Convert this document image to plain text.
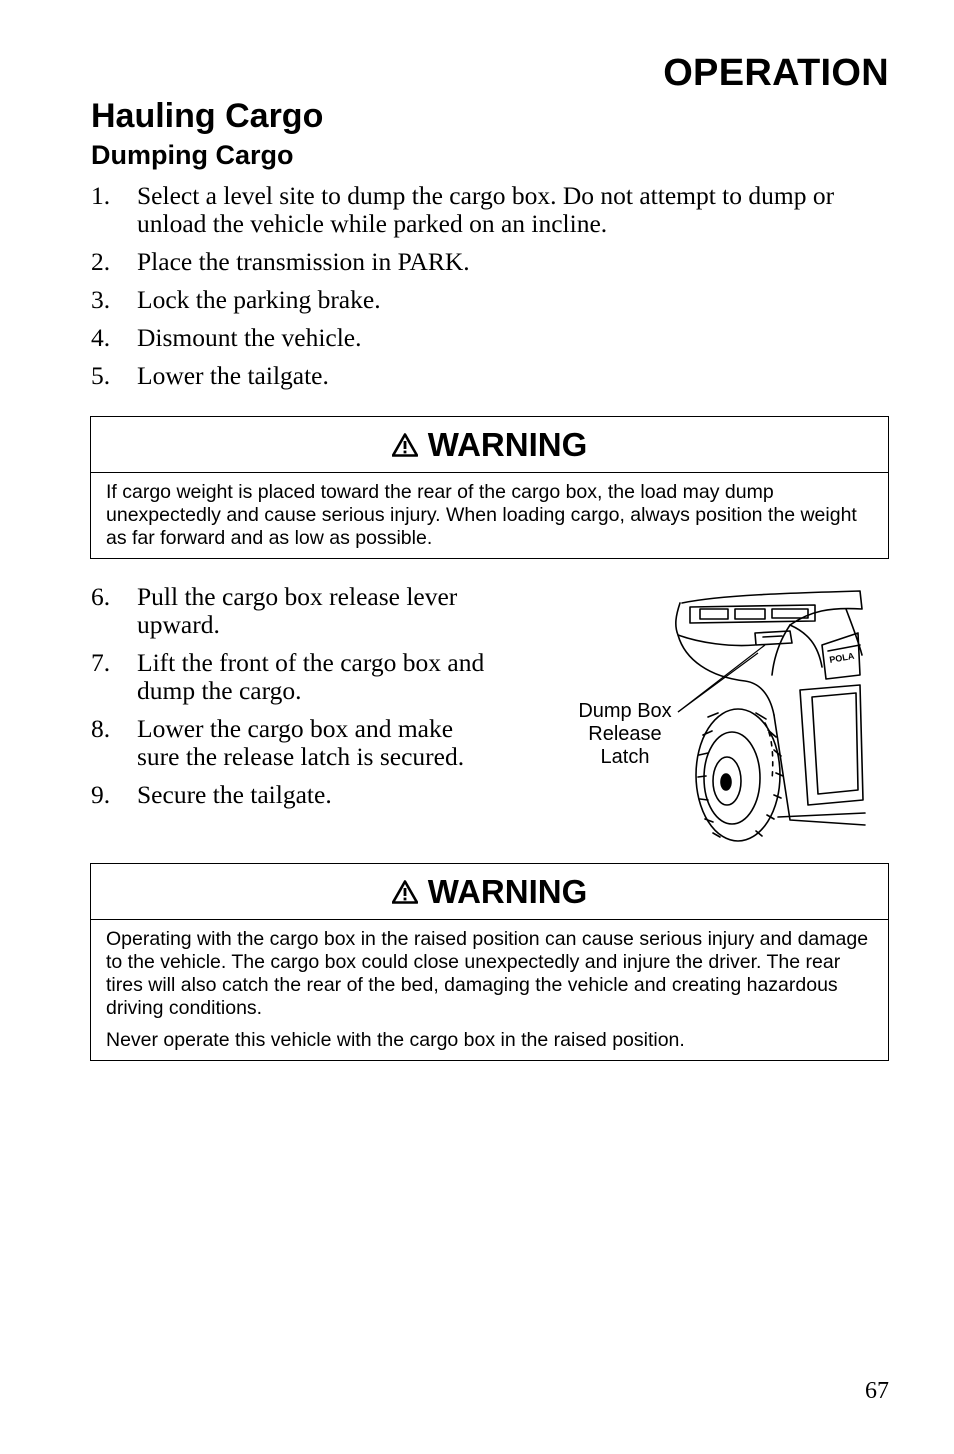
OPERATION
Hauling Cargo
Dumping Cargo
1. Select a level site to dump the cargo box. Do not attempt to dump or unload the vehicle while parked on an incline.
2. Place the transmission in PARK.
3. Lock the parking brake.
4. Dismount the vehicle.
5. Lower the tailgate.
WARNING

If cargo weight is placed toward the rear of the cargo box, the load may dump unexpectedly and cause serious injury. When loading cargo, always position the weight as far forward and as low as possible.

6. Pull the cargo box release lever upward.
7. Lift the front of the cargo box and dump the cargo.
8. Lower the cargo box and make sure the release latch is secured.
9. Secure the tailgate.
POLA
Dump Box
Release
Latch
WARNING

Operating with the cargo box in the raised position can cause serious injury and damage to the vehicle. The cargo box could close unexpectedly and injure the driver. The rear tires will also catch the rear of the bed, damaging the vehicle and creating hazardous driving conditions.

Never operate this vehicle with the cargo box in the raised position.

67
